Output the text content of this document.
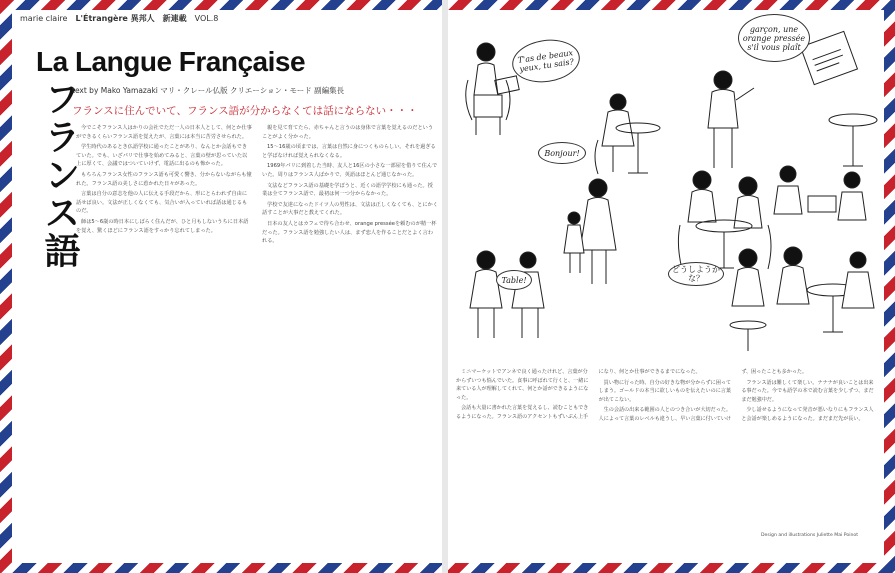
marie claire L'Étrangère 異邦人 新連載 VOL.8
La Langue Française
フランス語
text by Mako Yamazaki マリ・クレール仏版 クリエーション・モード 副編集長
フランスに住んでいて、フランス語が分からなくては話にならない・・・

今でこそフランス人はかりの会社でただ一人の日本人として、何とか仕事ができるくらいフランス語を覚えたが、言葉には本当に苦労させられた。

学生時代のあるとき仏語学校に通ったことがあり、なんとか会話もできていた。でも、いざパリで仕事を始めてみると、言葉の壁が思っていた以上に厚くて、会議ではついていけず、電話に出るのも怖かった。

もちろんフランス女性のフランス語も可愛く響き、分からないながらも憧れた。フランス語の美しさに惹かれた日々があった。

言葉は自分の意志を他の人に伝える手段だから、形にとらわれず自由に話せば良い。文法が正しくなくても、気合いが入っていれば話は通じるものだ。

師は5〜6歳の時日本にしばらく住んだが、ひと月もしないうちに日本語を覚え、驚くほどにフランス語をすっかり忘れてしまった。

親を見て育てたら、赤ちゃんと言うのは身体で言葉を覚えるのだということがよく分かった。

15〜16歳の頃までは、言葉は自然に身につくものらしい。それを過ぎると学ばなければ覚えられなくなる。

1969年パリに到着した当時、友人と16区の小さな一部屋を借りて住んでいた。周りはフランス人ばかりで、英語はほとんど通じなかった。

文法などフランス語の基礎を学ぼうと、近くの語学学校にも通った。授業は全てフランス語で、最初は何一つ分からなかった。

学校で友達になったドイツ人の男性は、文法は正しくなくても、とにかく話すことが大事だと教えてくれた。

日本の友人とはカフェで待ち合わせ、orange presséeを頼むのが精一杯だった。フランス語を勉強したい人は、まず恋人を作ることだとよく言われる。

T'as de beaux yeux, tu sais?
garçon, une orange pressée s'il vous plaît
Bonjour!
Table!
どうしようかな？

ミニマーケットでアンネで良く通ったけれど、言葉が分からずいつも悩んでいた。食事に呼ばれて行くと、一緒に来ている人が理解してくれて、何とか話ができるようになった。

会話も大量に書かれた言葉を覚えるし、読むこともできるようになった。フランス語のアクセントもずいぶん上手になり、何とか仕事ができるまでになった。

買い物に行った時、自分の好きな物が分からずに困ってしまう。ゴールドの本当に欲しいものを伝えたいのに言葉が出てこない。

生の会話の出来る範囲の人とのつき合いが大切だった。人によって言葉のレベルも違うし、早い言葉に付いていけず、困ったことも多かった。

フランス語は難しくて楽しい。ナナナが良いことは出来る事だった。今でも語学の本で読む言葉を少しずつ、まだまだ勉強中だ。

少し話せるようになって発音が悪いなりにもフランス人と会話が楽しめるようになった。まだまだ先が長い。

Design and illustrations Juliette Mai Poinot
